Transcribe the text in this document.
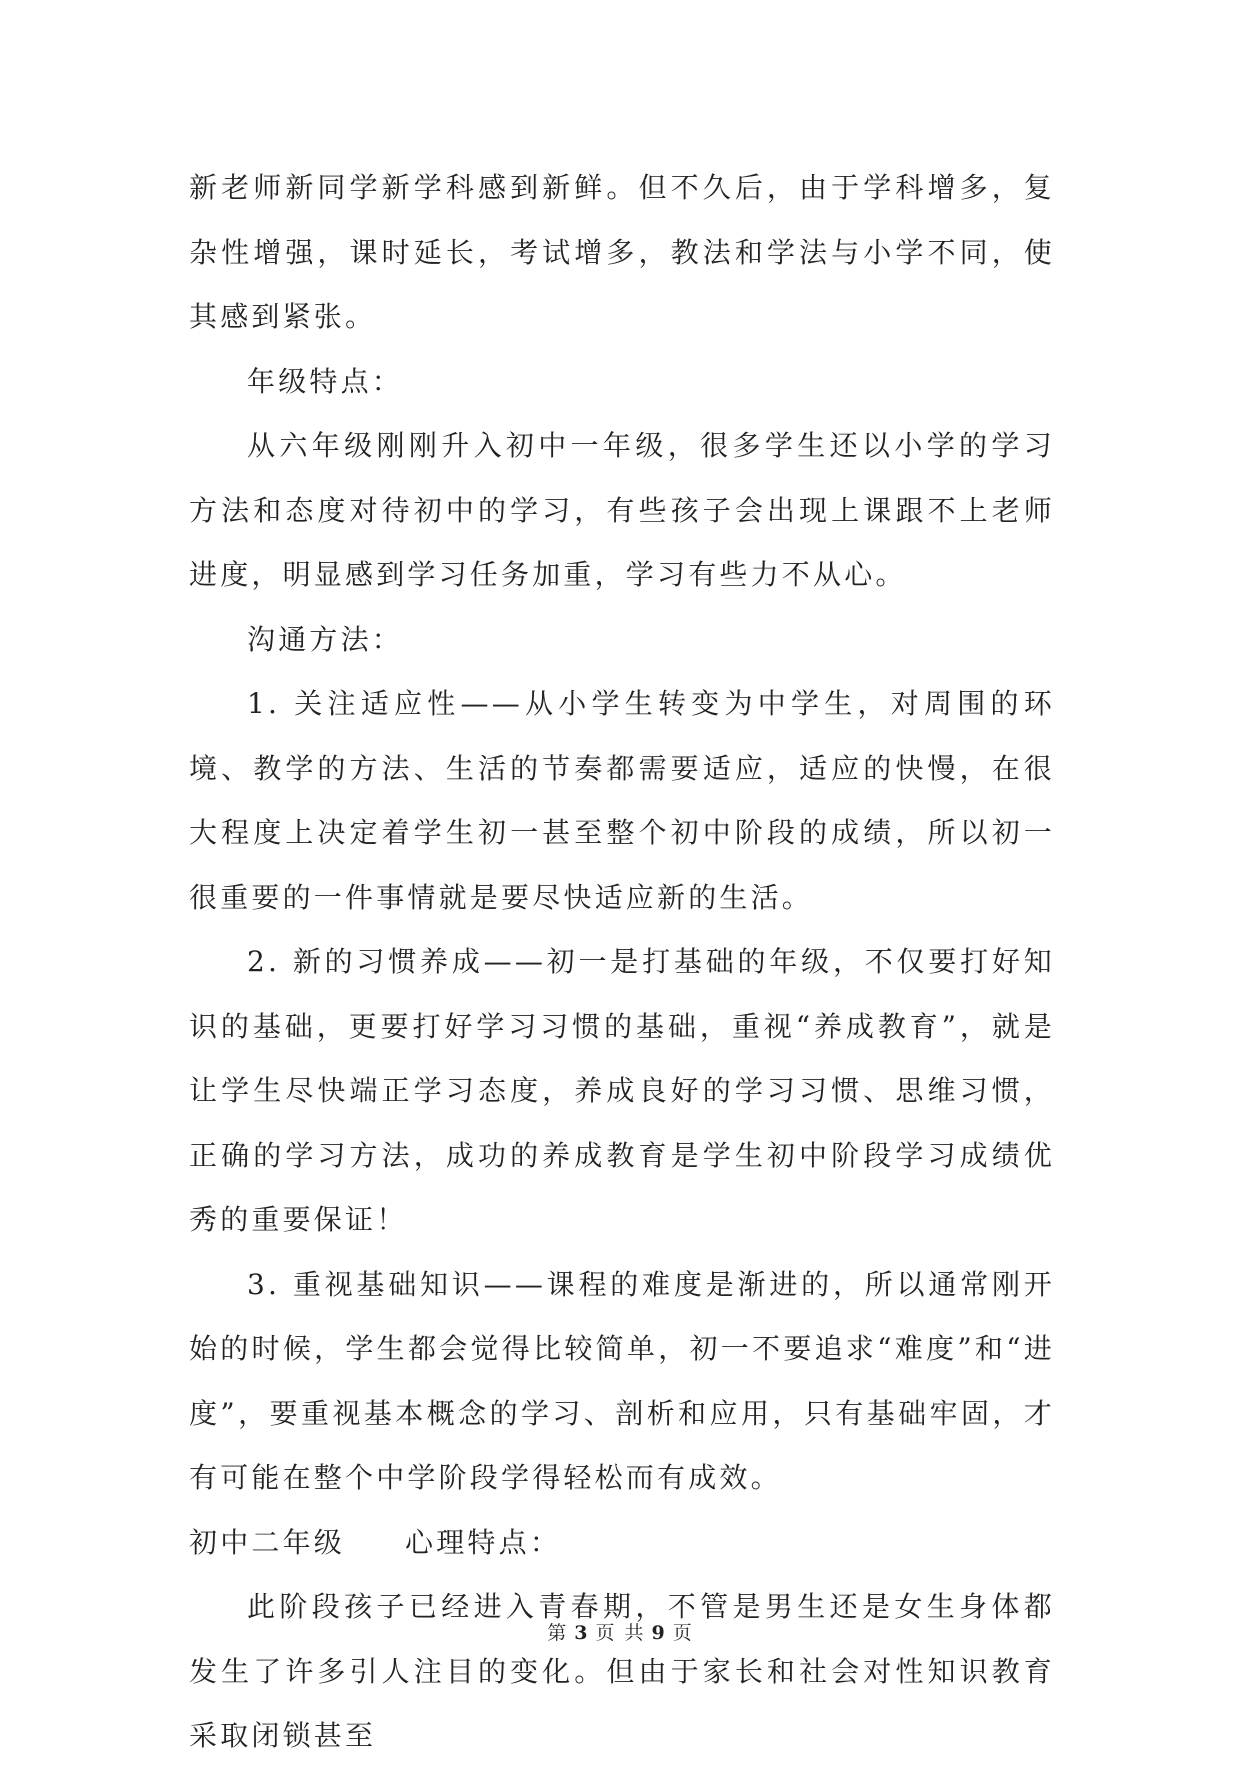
新老师新同学新学科感到新鲜。但不久后，由于学科增多，复杂性增强，课时延长，考试增多，教法和学法与小学不同，使其感到紧张。

年级特点：

从六年级刚刚升入初中一年级，很多学生还以小学的学习方法和态度对待初中的学习，有些孩子会出现上课跟不上老师进度，明显感到学习任务加重，学习有些力不从心。

沟通方法：

1. 关注适应性——从小学生转变为中学生，对周围的环境、教学的方法、生活的节奏都需要适应，适应的快慢，在很大程度上决定着学生初一甚至整个初中阶段的成绩，所以初一很重要的一件事情就是要尽快适应新的生活。

2. 新的习惯养成——初一是打基础的年级，不仅要打好知识的基础，更要打好学习习惯的基础，重视“养成教育”，就是让学生尽快端正学习态度，养成良好的学习习惯、思维习惯，正确的学习方法，成功的养成教育是学生初中阶段学习成绩优秀的重要保证！

3. 重视基础知识——课程的难度是渐进的，所以通常刚开始的时候，学生都会觉得比较简单，初一不要追求“难度”和“进度”，要重视基本概念的学习、剖析和应用，只有基础牢固，才有可能在整个中学阶段学得轻松而有成效。

初中二年级 心理特点：

此阶段孩子已经进入青春期，不管是男生还是女生身体都发生了许多引人注目的变化。但由于家长和社会对性知识教育采取闭锁甚至

第 3 页 共 9 页
